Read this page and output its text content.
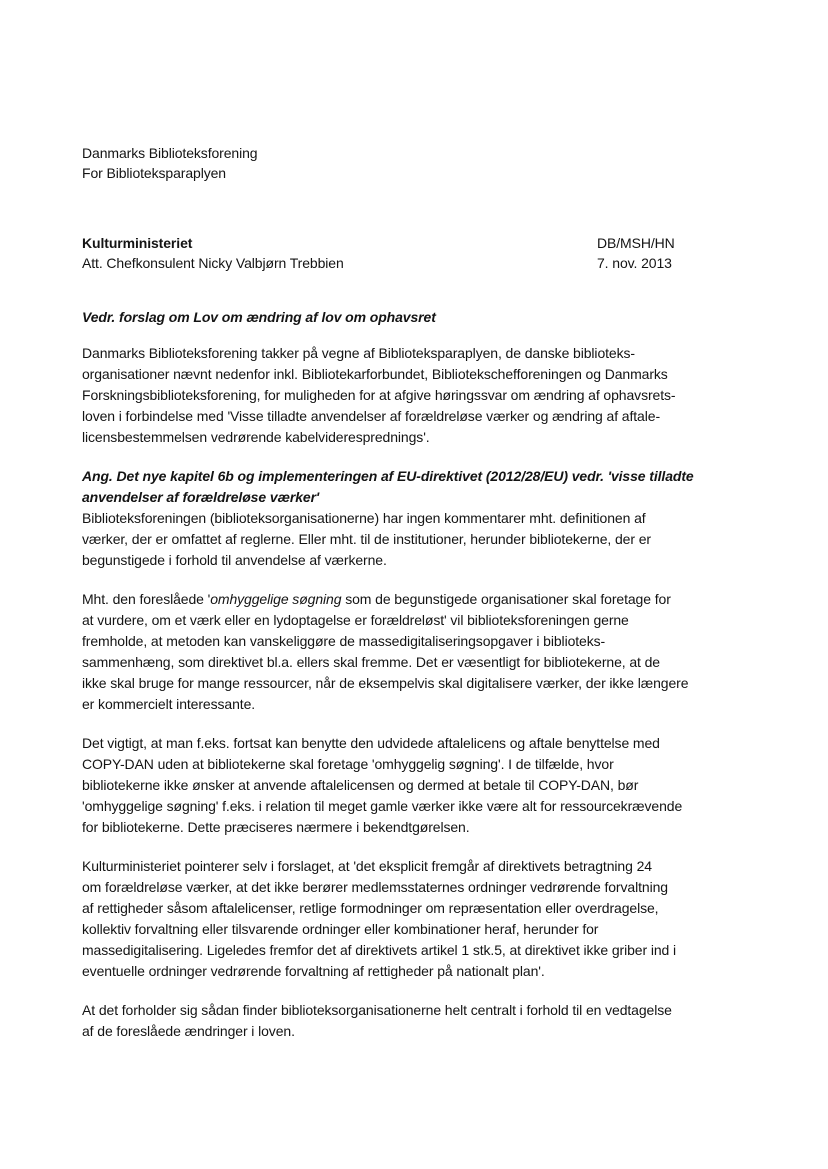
Danmarks Biblioteksforening
For Biblioteksparaplyen
Kulturministeriet
Att. Chefkonsulent Nicky Valbjørn Trebbien
DB/MSH/HN
7. nov. 2013
Vedr. forslag om Lov om ændring af lov om ophavsret
Danmarks Biblioteksforening takker på vegne af Biblioteksparaplyen, de danske biblioteks-
organisationer nævnt nedenfor inkl. Bibliotekarforbundet, Bibliotekschefforeningen og Danmarks
Forskningsbiblioteksforening, for muligheden for at afgive høringssvar om ændring af ophavsrets-
loven i forbindelse med 'Visse tilladte anvendelser af forældreløse værker og ændring af aftale-
licensbestemmelsen vedrørende kabelvideresprednings'.
Ang. Det nye kapitel 6b og implementeringen af EU-direktivet (2012/28/EU) vedr. 'visse tilladte
anvendelser af forældreløse værker'
Biblioteksforeningen (biblioteksorganisationerne) har ingen kommentarer mht. definitionen af
værker, der er omfattet af reglerne. Eller mht. til de institutioner, herunder bibliotekerne, der er
begunstigede i forhold til anvendelse af værkerne.
Mht. den foreslåede 'omhyggelige søgning som de begunstigede organisationer skal foretage for
at vurdere, om et værk eller en lydoptagelse er forældreløst' vil biblioteksforeningen gerne
fremholde, at metoden kan vanskeliggøre de massedigitaliseringsopgaver i biblioteks-
sammenhæng, som direktivet bl.a. ellers skal fremme. Det er væsentligt for bibliotekerne, at de
ikke skal bruge for mange ressourcer, når de eksempelvis skal digitalisere værker, der ikke længere
er kommercielt interessante.
Det vigtigt, at man f.eks. fortsat kan benytte den udvidede aftalelicens og aftale benyttelse med
COPY-DAN uden at bibliotekerne skal foretage 'omhyggelig søgning'. I de tilfælde, hvor
bibliotekerne ikke ønsker at anvende aftalelicensen og dermed at betale til COPY-DAN, bør
'omhyggelige søgning' f.eks. i relation til meget gamle værker ikke være alt for ressourcekrævende
for bibliotekerne. Dette præciseres nærmere i bekendtgørelsen.
Kulturministeriet pointerer selv i forslaget, at 'det eksplicit fremgår af direktivets betragtning 24
om forældreløse værker, at det ikke berører medlemsstaternes ordninger vedrørende forvaltning
af rettigheder såsom aftalelicenser, retlige formodninger om repræsentation eller overdragelse,
kollektiv forvaltning eller tilsvarende ordninger eller kombinationer heraf, herunder for
massedigitalisering. Ligeledes fremfor det af direktivets artikel 1 stk.5, at direktivet ikke griber ind i
eventuelle ordninger vedrørende forvaltning af rettigheder på nationalt plan'.
At det forholder sig sådan finder biblioteksorganisationerne helt centralt i forhold til en vedtagelse
af de foreslåede ændringer i loven.
